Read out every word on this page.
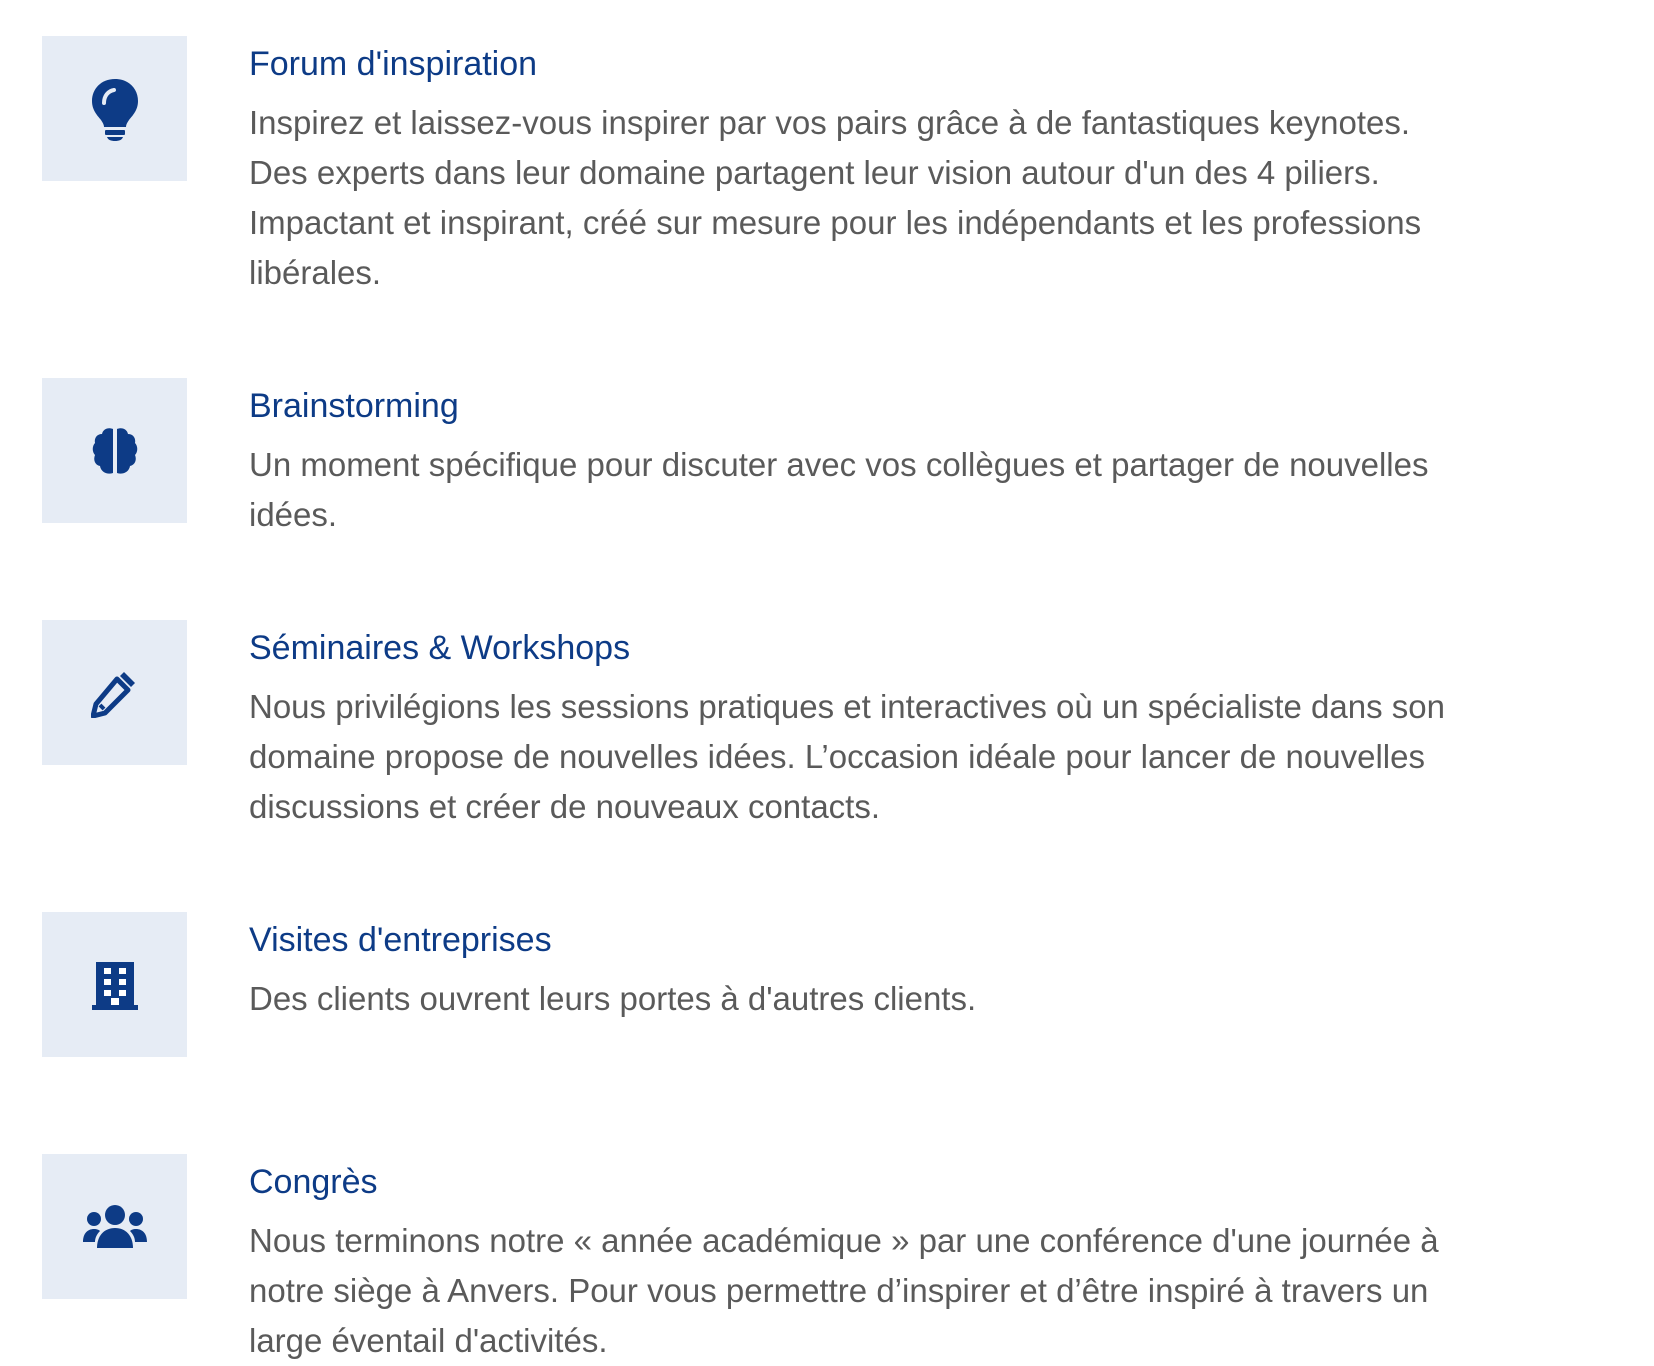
Forum d'inspiration

Inspirez et laissez-vous inspirer par vos pairs grâce à de fantastiques keynotes. Des experts dans leur domaine partagent leur vision autour d'un des 4 piliers. Impactant et inspirant, créé sur mesure pour les indépendants et les professions libérales.

Brainstorming

Un moment spécifique pour discuter avec vos collègues et partager de nouvelles idées.

Séminaires & Workshops

Nous privilégions les sessions pratiques et interactives où un spécialiste dans son domaine propose de nouvelles idées. L’occasion idéale pour lancer de nouvelles discussions et créer de nouveaux contacts.

Visites d'entreprises

Des clients ouvrent leurs portes à d'autres clients.

Congrès

Nous terminons notre « année académique » par une conférence d'une journée à notre siège à Anvers. Pour vous permettre d’inspirer et d’être inspiré à travers un large éventail d'activités.
